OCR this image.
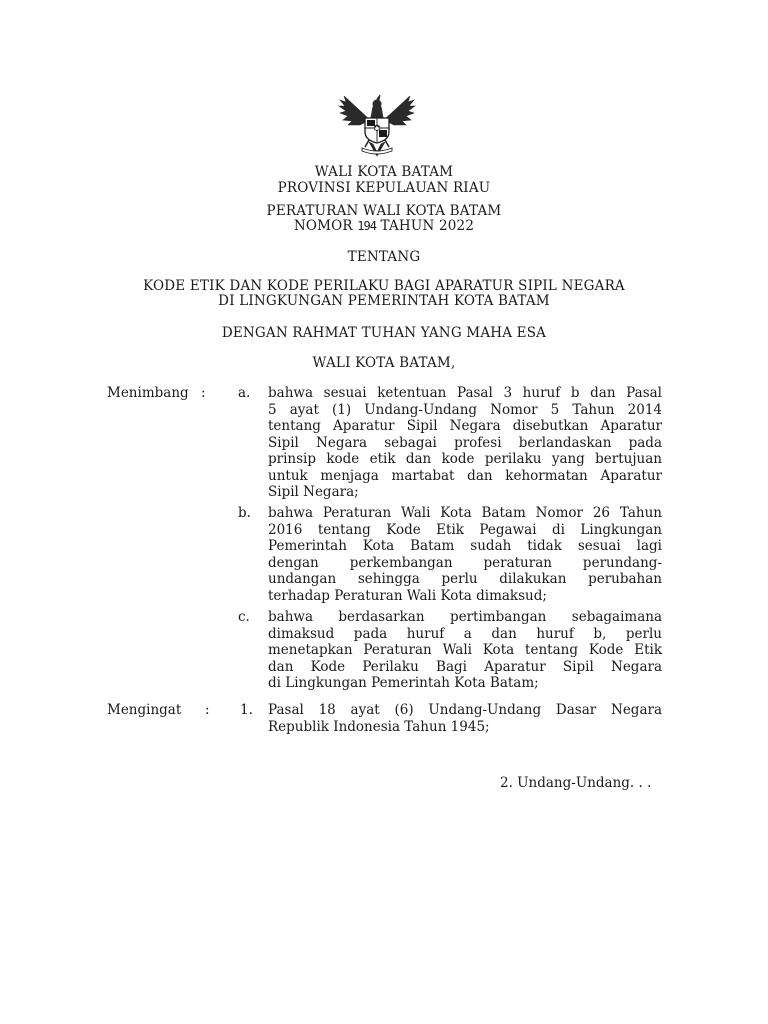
WALI KOTA BATAM
PROVINSI KEPULAUAN RIAU
PERATURAN WALI KOTA BATAM
NOMOR 194 TAHUN 2022
TENTANG
KODE ETIK DAN KODE PERILAKU BAGI APARATUR SIPIL NEGARA
DI LINGKUNGAN PEMERINTAH KOTA BATAM
DENGAN RAHMAT TUHAN YANG MAHA ESA
WALI KOTA BATAM,
Menimbang : a. bahwa sesuai ketentuan Pasal 3 huruf b dan Pasal
5 ayat (1) Undang-Undang Nomor 5 Tahun 2014
tentang Aparatur Sipil Negara disebutkan Aparatur
Sipil Negara sebagai profesi berlandaskan pada
prinsip kode etik dan kode perilaku yang bertujuan
untuk menjaga martabat dan kehormatan Aparatur
Sipil Negara;
b. bahwa Peraturan Wali Kota Batam Nomor 26 Tahun
2016 tentang Kode Etik Pegawai di Lingkungan
Pemerintah Kota Batam sudah tidak sesuai lagi
dengan perkembangan peraturan perundang-
undangan sehingga perlu dilakukan perubahan
terhadap Peraturan Wali Kota dimaksud;
c. bahwa berdasarkan pertimbangan sebagaimana
dimaksud pada huruf a dan huruf b, perlu
menetapkan Peraturan Wali Kota tentang Kode Etik
dan Kode Perilaku Bagi Aparatur Sipil Negara
di Lingkungan Pemerintah Kota Batam;
Mengingat : 1. Pasal 18 ayat (6) Undang-Undang Dasar Negara
Republik Indonesia Tahun 1945;
2. Undang-Undang. . .
